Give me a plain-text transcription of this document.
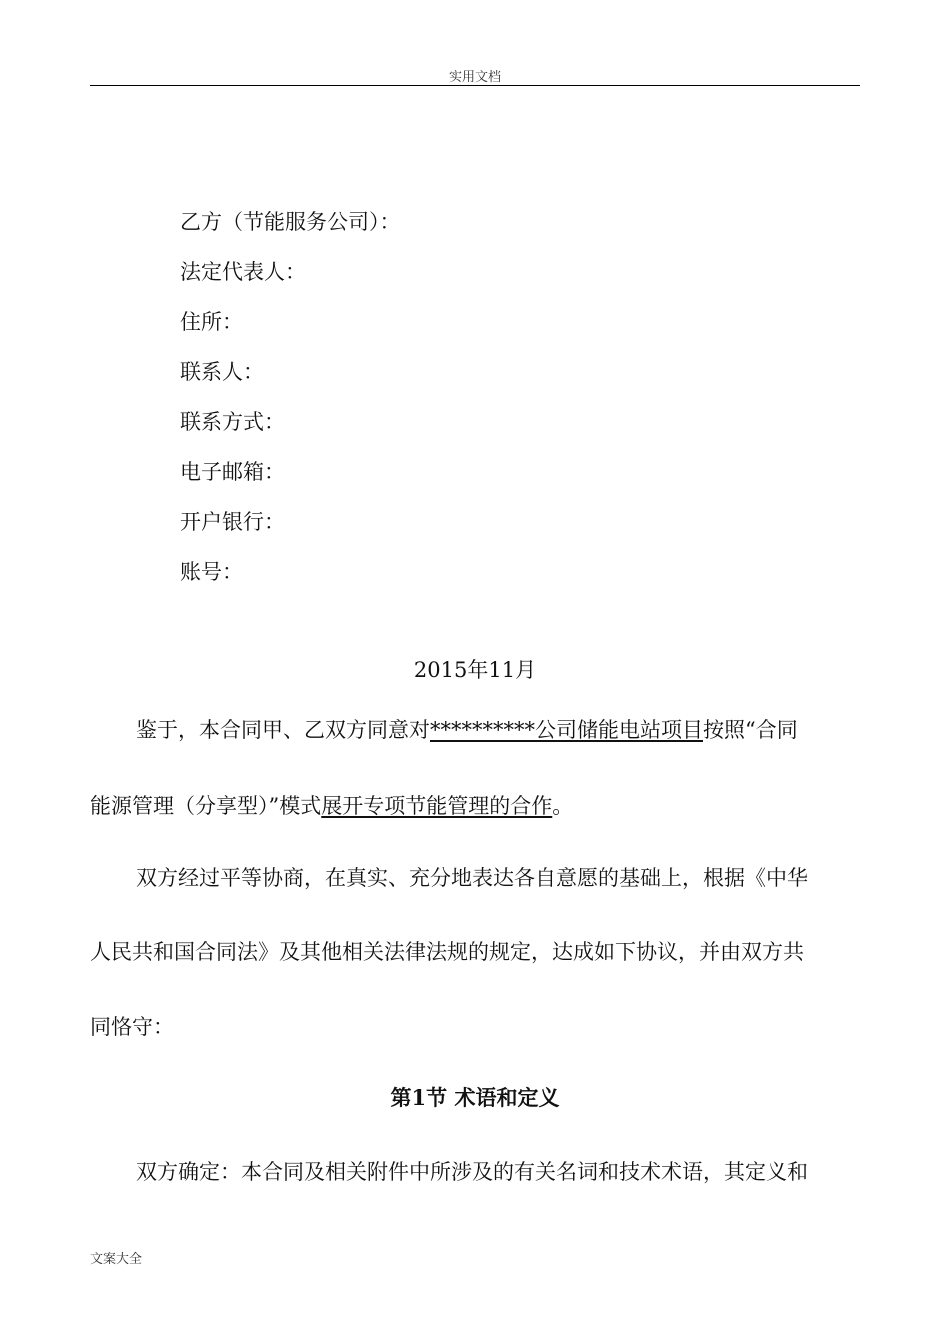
实用文档
乙方（节能服务公司）：
法定代表人：
住所：
联系人：
联系方式：
电子邮箱：
开户银行：
账号：
2015年11月
鉴于，本合同甲、乙双方同意对**********公司储能电站项目按照“合同
能源管理（分享型）”模式展开专项节能管理的合作。
双方经过平等协商，在真实、充分地表达各自意愿的基础上，根据《中华
人民共和国合同法》及其他相关法律法规的规定，达成如下协议，并由双方共
同恪守：
第1节 术语和定义
双方确定：本合同及相关附件中所涉及的有关名词和技术术语，其定义和
文案大全
